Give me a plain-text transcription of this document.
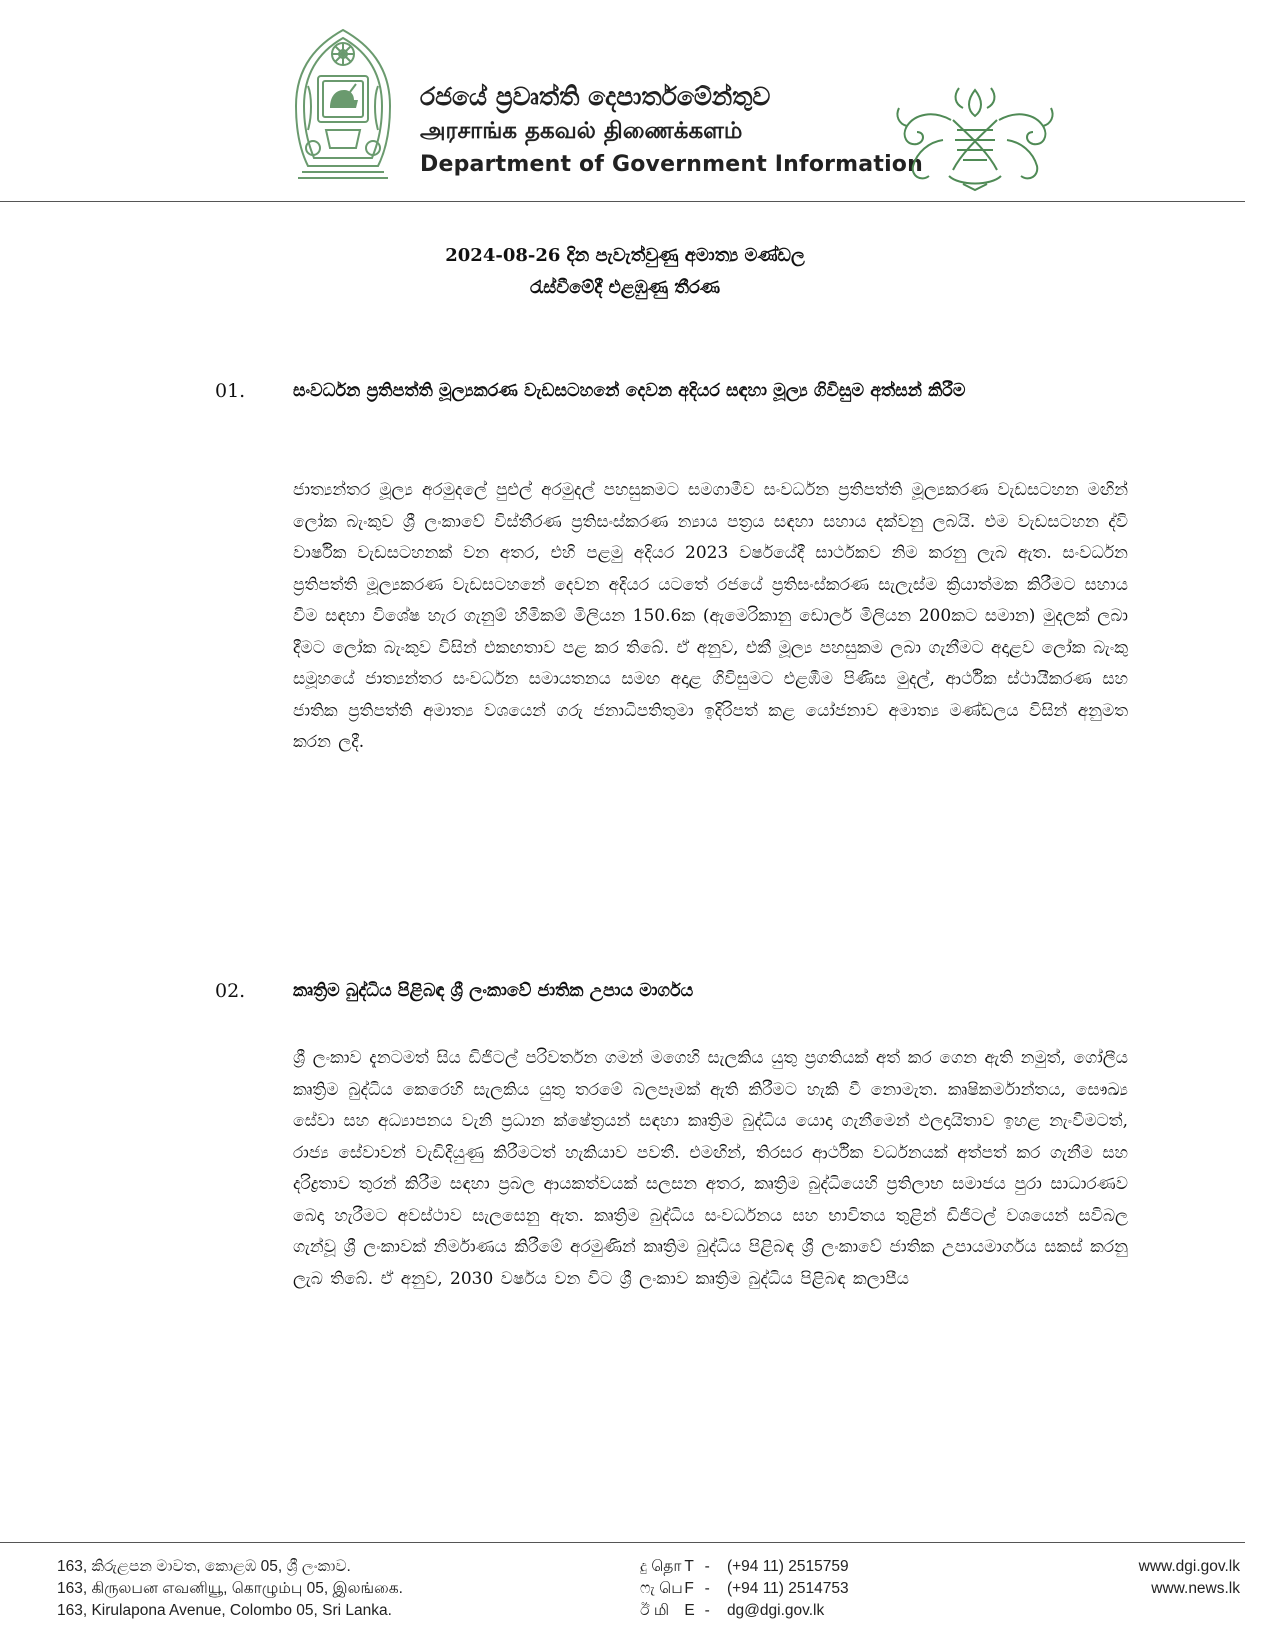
රජයේ ප්‍රවෘත්ති දෙපාර්තමේන්තුව
அரசாங்க தகவல் திணைக்களம்
Department of Government Information
2024-08-26 දින පැවැත්වුණු අමාත්‍ය මණ්ඩල
රැස්වීමේදී එළඹුණු තීරණ
01.	සංවර්ධන ප්‍රතිපත්ති මූල්‍යකරණ වැඩසටහනේ දෙවන අදියර සඳහා මූල්‍ය ගිවිසුම අත්සන් කිරීම
ජාත්‍යන්තර මූල්‍ය අරමුදලේ පුළුල් අරමුදල් පහසුකමට සමගාමීව සංවර්ධන ප්‍රතිපත්ති මූල්‍යකරණ වැඩසටහන මඟින් ලෝක බැංකුව ශ්‍රී ලංකාවේ විස්තීරණ ප්‍රතිසංස්කරණ න්‍යාය පත්‍රය සඳහා සහාය දක්වනු ලබයි. එම වැඩසටහන ද්වි වාර්ෂික වැඩසටහනක් වන අතර, එහි පළමු අදියර 2023 වර්ෂයේදී සාර්ථකව නිම කරනු ලැබ ඇත. සංවර්ධන ප්‍රතිපත්ති මූල්‍යකරණ වැඩසටහනේ දෙවන අදියර යටතේ රජයේ ප්‍රතිසංස්කරණ සැලැස්ම ක්‍රියාත්මක කිරීමට සහාය වීම සඳහා විශේෂ හැර ගැනුම් හිමිකම් මිලියන 150.6ක (ඇමෙරිකානු ඩොලර් මිලියන 200කට සමාන) මුදලක් ලබා දීමට ලෝක බැංකුව විසින් එකඟතාව පළ කර තිබේ. ඒ අනුව, එකී මූල්‍ය පහසුකම ලබා ගැනීමට අදාළව ලෝක බැංකු සමූහයේ ජාත්‍යන්තර සංවර්ධන සමායතනය සමඟ අදාළ ගිවිසුමට එළඹීම පිණිස මුදල්, ආර්ථික ස්ථායීකරණ සහ ජාතික ප්‍රතිපත්ති අමාත්‍ය වශයෙන් ගරු ජනාධිපතිතුමා ඉදිරිපත් කළ යෝජනාව අමාත්‍ය මණ්ඩලය විසින් අනුමත කරන ලදී.
02.	කෘත්‍රිම බුද්ධිය පිළිබඳ ශ්‍රී ලංකාවේ ජාතික උපාය මාර්ගය
ශ්‍රී ලංකාව දැනටමත් සිය ඩිජිටල් පරිවර්තන ගමන් මගෙහි සැලකිය යුතු ප්‍රගතියක් අත් කර ගෙන ඇති නමුත්, ගෝලීය කෘත්‍රිම බුද්ධිය කෙරෙහි සැලකිය යුතු තරමේ බලපෑමක් ඇති කිරීමට හැකි වී නොමැත. කෘෂිකර්මාන්තය, සෞඛ්‍ය සේවා සහ අධ්‍යාපනය වැනි ප්‍රධාන ක්ෂේත්‍රයන් සඳහා කෘත්‍රිම බුද්ධිය යොදා ගැනීමෙන් ඵලදායිතාව ඉහළ නැංවීමටත්, රාජ්‍ය සේවාවන් වැඩිදියුණු කිරීමටත් හැකියාව පවතී. එමඟින්, තිරසර ආර්ථික වර්ධනයක් අත්පත් කර ගැනීම සහ දරිද්‍රතාව තුරන් කිරීම සඳහා ප්‍රබල ආයකත්වයක් සලසන අතර, කෘත්‍රිම බුද්ධියෙහි ප්‍රතිලාභ සමාජය පුරා සාධාරණව බෙදා හැරීමට අවස්ථාව සැලසෙනු ඇත. කෘත්‍රිම බුද්ධිය සංවර්ධනය සහ භාවිතය තුළින් ඩිජිටල් වශයෙන් සවිබල ගැන්වූ ශ්‍රී ලංකාවක් නිර්මාණය කිරීමේ අරමුණින් කෘත්‍රිම බුද්ධිය පිළිබඳ ශ්‍රී ලංකාවේ ජාතික උපායමාර්ගය සකස් කරනු ලැබ තිබේ. ඒ අනුව, 2030 වර්ෂය වන විට ශ්‍රී ලංකාව කෘත්‍රිම බුද්ධිය පිළිබඳ කලාපීය
163, කිරුළපන මාවත, කොළඹ 05, ශ්‍රී ලංකාව.
163, கிருலபன எவனியூ, கொழும்பு 05, இலங்கை.
163, Kirulapona Avenue, Colombo 05, Sri Lanka.
දු தொ T - (+94 11) 2515759
ෆැ பெ F - (+94 11) 2514753
ඊ மி E - dg@dgi.gov.lk
www.dgi.gov.lk
www.news.lk
